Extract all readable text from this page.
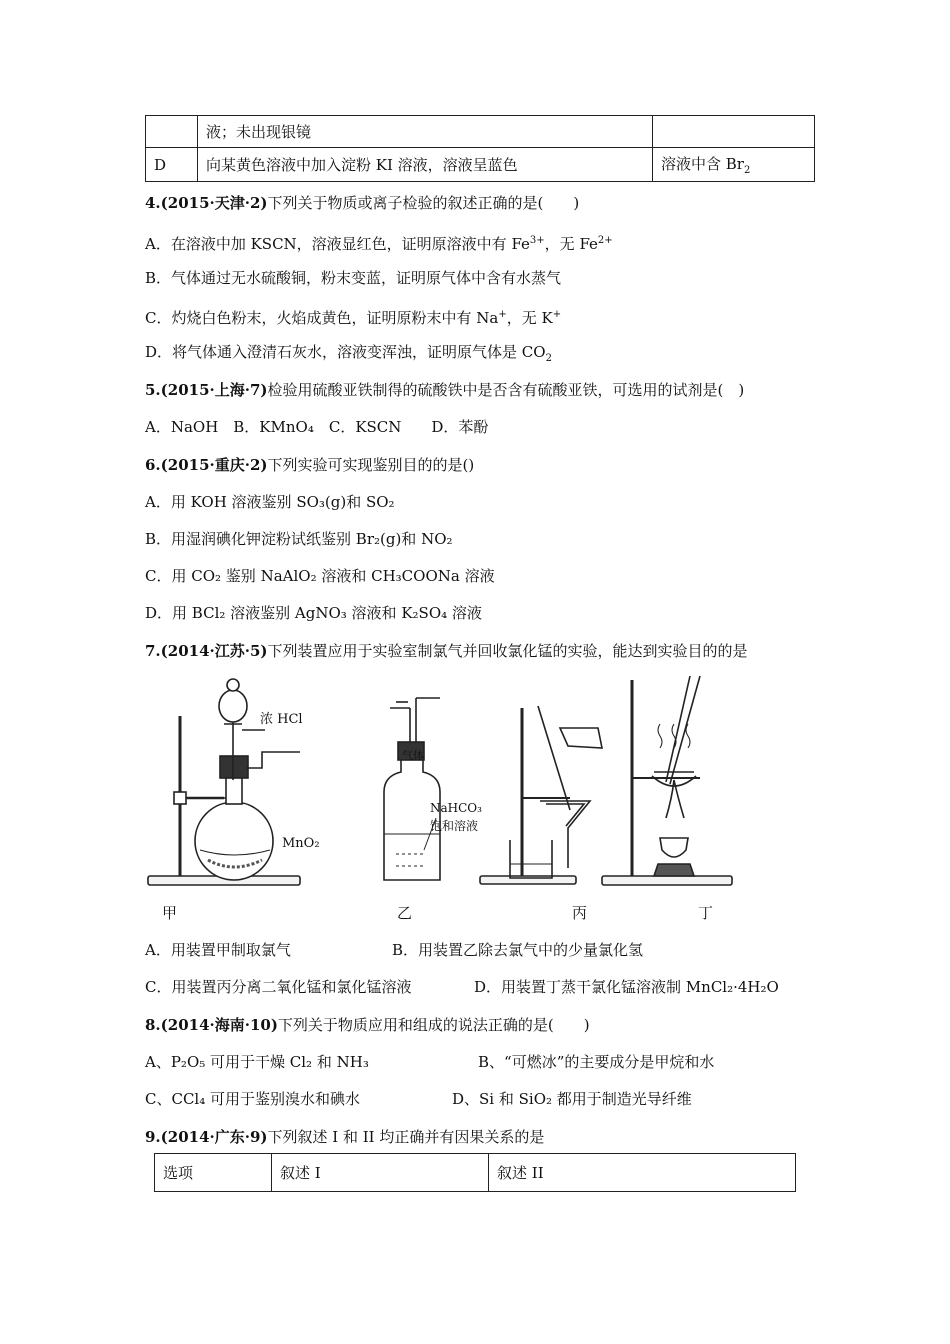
	液；未出现银镜	
D	向某黄色溶液中加入淀粉 KI 溶液，溶液呈蓝色	溶液中含 $Br_2$
4.(2015·天津·2)下列关于物质或离子检验的叙述正确的是(　　)
A．在溶液中加 KSCN，溶液显红色，证明原溶液中有 $Fe^{3+}$，无 $Fe^{2+}$
B．气体通过无水硫酸铜，粉末变蓝，证明原气体中含有水蒸气
C．灼烧白色粉末，火焰成黄色，证明原粉末中有 Na+，无 K+
D．将气体通入澄清石灰水，溶液变浑浊，证明原气体是 $CO_2$
5.(2015·上海·7)检验用硫酸亚铁制得的硫酸铁中是否含有硫酸亚铁，可选用的试剂是(　)
A．NaOH　B．KMnO₄　C．KSCN　　D．苯酚
6.(2015·重庆·2)下列实验可实现鉴别目的的是()
A．用 KOH 溶液鉴别 SO₃(g)和 SO₂
B．用湿润碘化钾淀粉试纸鉴别 Br₂(g)和 NO₂
C．用 CO₂ 鉴别 NaAlO₂ 溶液和 CH₃COONa 溶液
D．用 BCl₂ 溶液鉴别 AgNO₃ 溶液和 K₂SO₄ 溶液
7.(2014·江苏·5)下列装置应用于实验室制氯气并回收氯化锰的实验，能达到实验目的的是
气体
浓 HCl
MnO₂
NaHCO₃
饱和溶液
甲	乙	丙	丁
A．用装置甲制取氯气	B．用装置乙除去氯气中的少量氯化氢
C．用装置丙分离二氧化锰和氯化锰溶液	D．用装置丁蒸干氯化锰溶液制 MnCl₂·4H₂O
8.(2014·海南·10)下列关于物质应用和组成的说法正确的是(　　)
A、P₂O₅ 可用于干燥 Cl₂ 和 NH₃	B、“可燃冰”的主要成分是甲烷和水
C、CCl₄ 可用于鉴别溴水和碘水	D、Si 和 SiO₂ 都用于制造光导纤维
9.(2014·广东·9)下列叙述 I 和 II 均正确并有因果关系的是
选项	叙述 I	叙述 II
